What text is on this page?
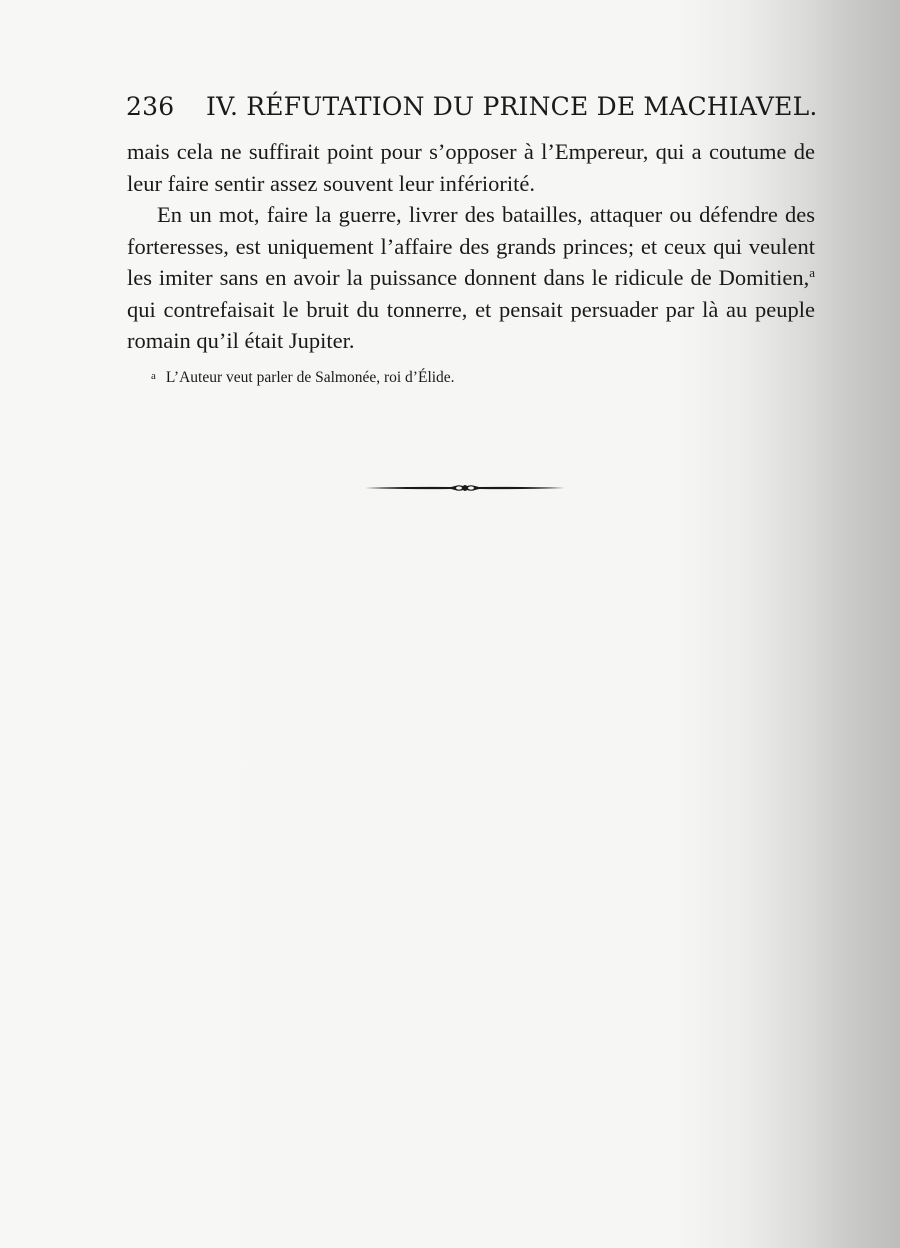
236 IV. RÉFUTATION DU PRINCE DE MACHIAVEL.

mais cela ne suffirait point pour s’opposer à l’Empereur, qui a coutume de leur faire sentir assez souvent leur infériorité.

En un mot, faire la guerre, livrer des batailles, attaquer ou défendre des forteresses, est uniquement l’affaire des grands princes; et ceux qui veulent les imiter sans en avoir la puissance donnent dans le ridicule de Domitien,$^a$ qui contrefaisait le bruit du tonnerre, et pensait persuader par là au peuple romain qu’il était Jupiter.

a L’Auteur veut parler de Salmonée, roi d’Élide.
